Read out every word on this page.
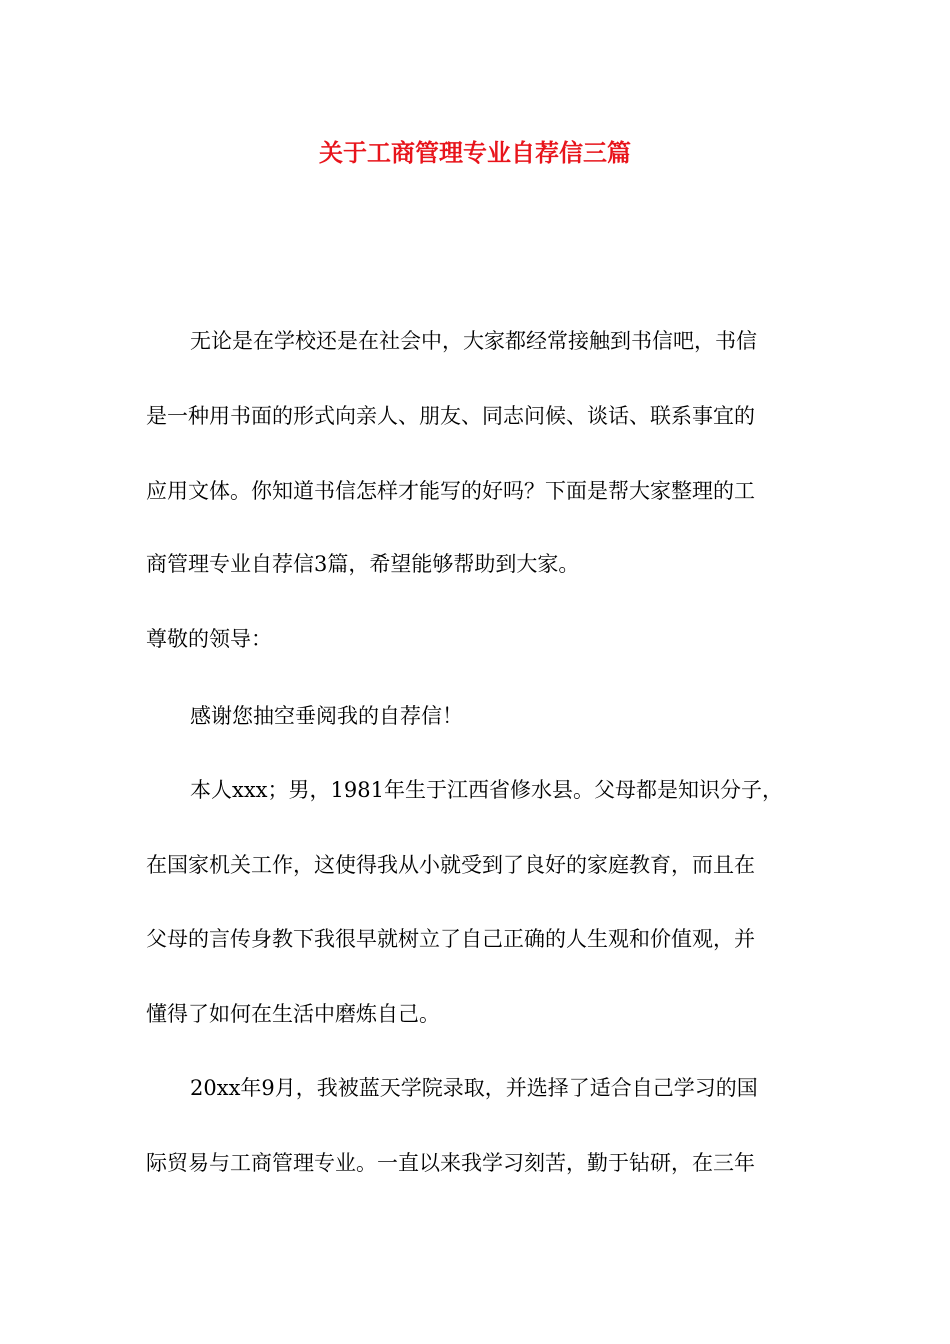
关于工商管理专业自荐信三篇

无论是在学校还是在社会中，大家都经常接触到书信吧，书信

是一种用书面的形式向亲人、朋友、同志问候、谈话、联系事宜的

应用文体。你知道书信怎样才能写的好吗？下面是帮大家整理的工

商管理专业自荐信3篇，希望能够帮助到大家。

尊敬的领导：

感谢您抽空垂阅我的自荐信！

本人xxx；男，1981年生于江西省修水县。父母都是知识分子，

在国家机关工作，这使得我从小就受到了良好的家庭教育，而且在

父母的言传身教下我很早就树立了自己正确的人生观和价值观，并

懂得了如何在生活中磨炼自己。

20xx年9月，我被蓝天学院录取，并选择了适合自己学习的国

际贸易与工商管理专业。一直以来我学习刻苦，勤于钻研，在三年
